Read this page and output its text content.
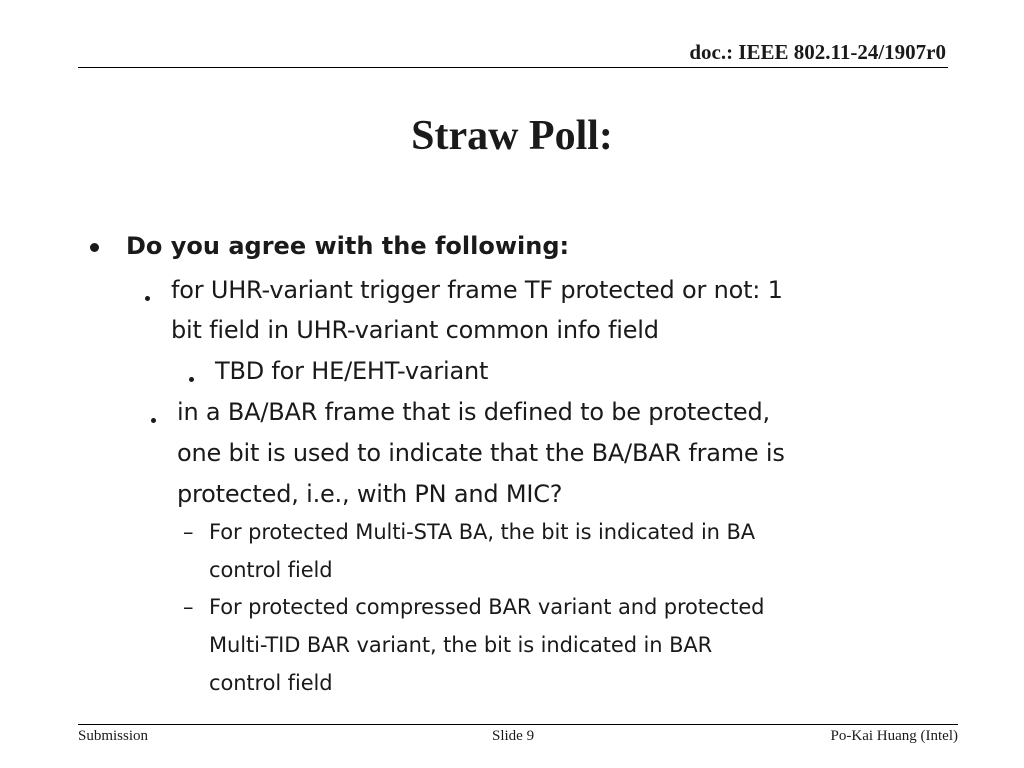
doc.: IEEE 802.11-24/1907r0
Straw Poll:
Do you agree with the following:
for UHR-variant trigger frame TF protected or not: 1
bit field in UHR-variant common info field
TBD for HE/EHT-variant
in a BA/BAR frame that is defined to be protected,
one bit is used to indicate that the BA/BAR frame is
protected, i.e., with PN and MIC?
– For protected Multi-STA BA, the bit is indicated in BA
control field
– For protected compressed BAR variant and protected
Multi-TID BAR variant, the bit is indicated in BAR
control field
Submission	Slide 9	Po-Kai Huang (Intel)
